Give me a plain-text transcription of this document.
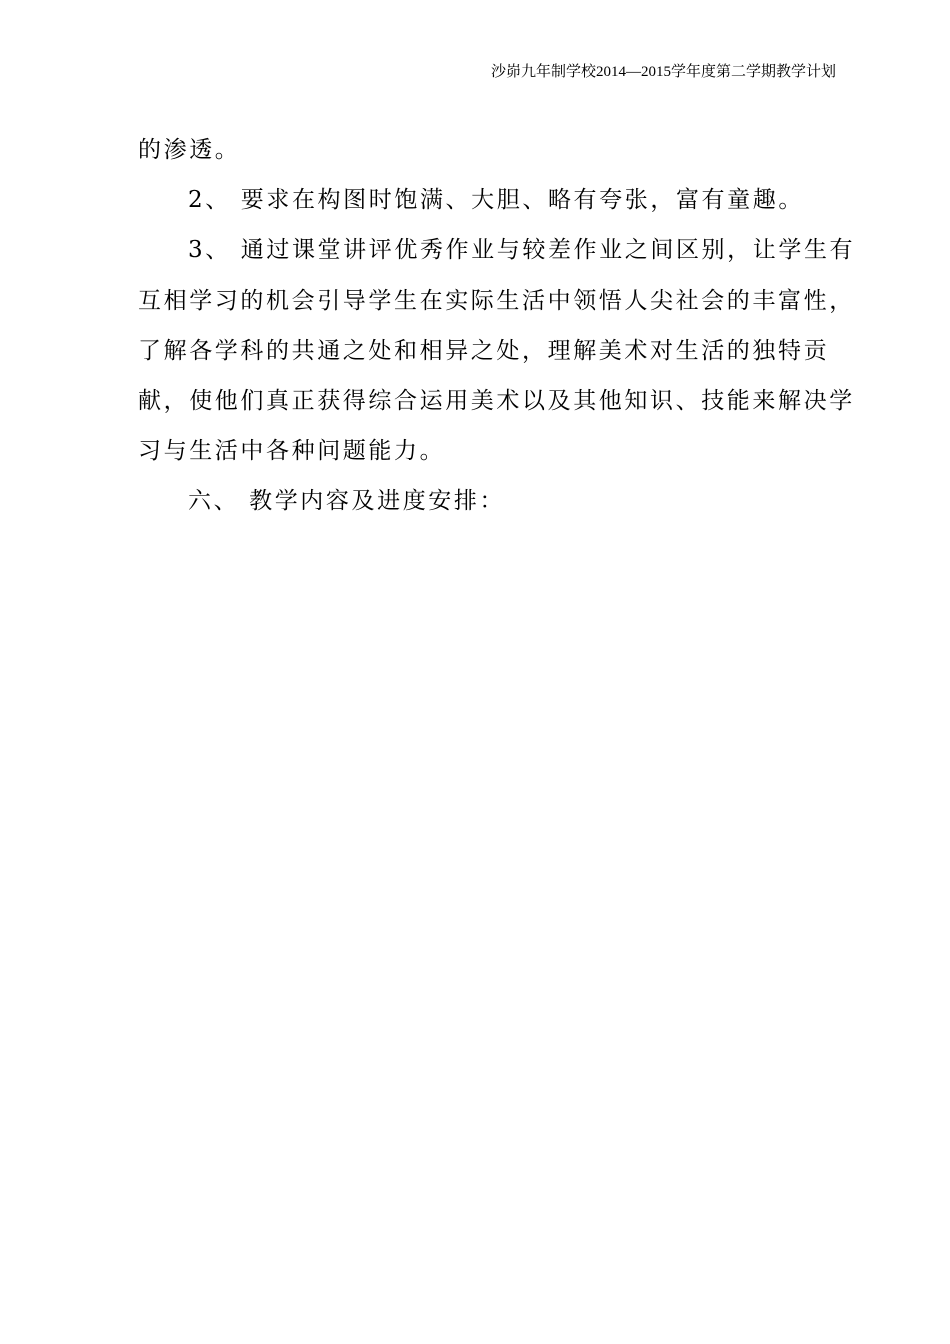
沙峁九年制学校2014—2015学年度第二学期教学计划
的渗透。
2、 要求在构图时饱满、大胆、略有夸张，富有童趣。
3、 通过课堂讲评优秀作业与较差作业之间区别，让学生有
互相学习的机会引导学生在实际生活中领悟人尖社会的丰富性，
了解各学科的共通之处和相异之处，理解美术对生活的独特贡
献，使他们真正获得综合运用美术以及其他知识、技能来解决学
习与生活中各种问题能力。
六、 教学内容及进度安排：
